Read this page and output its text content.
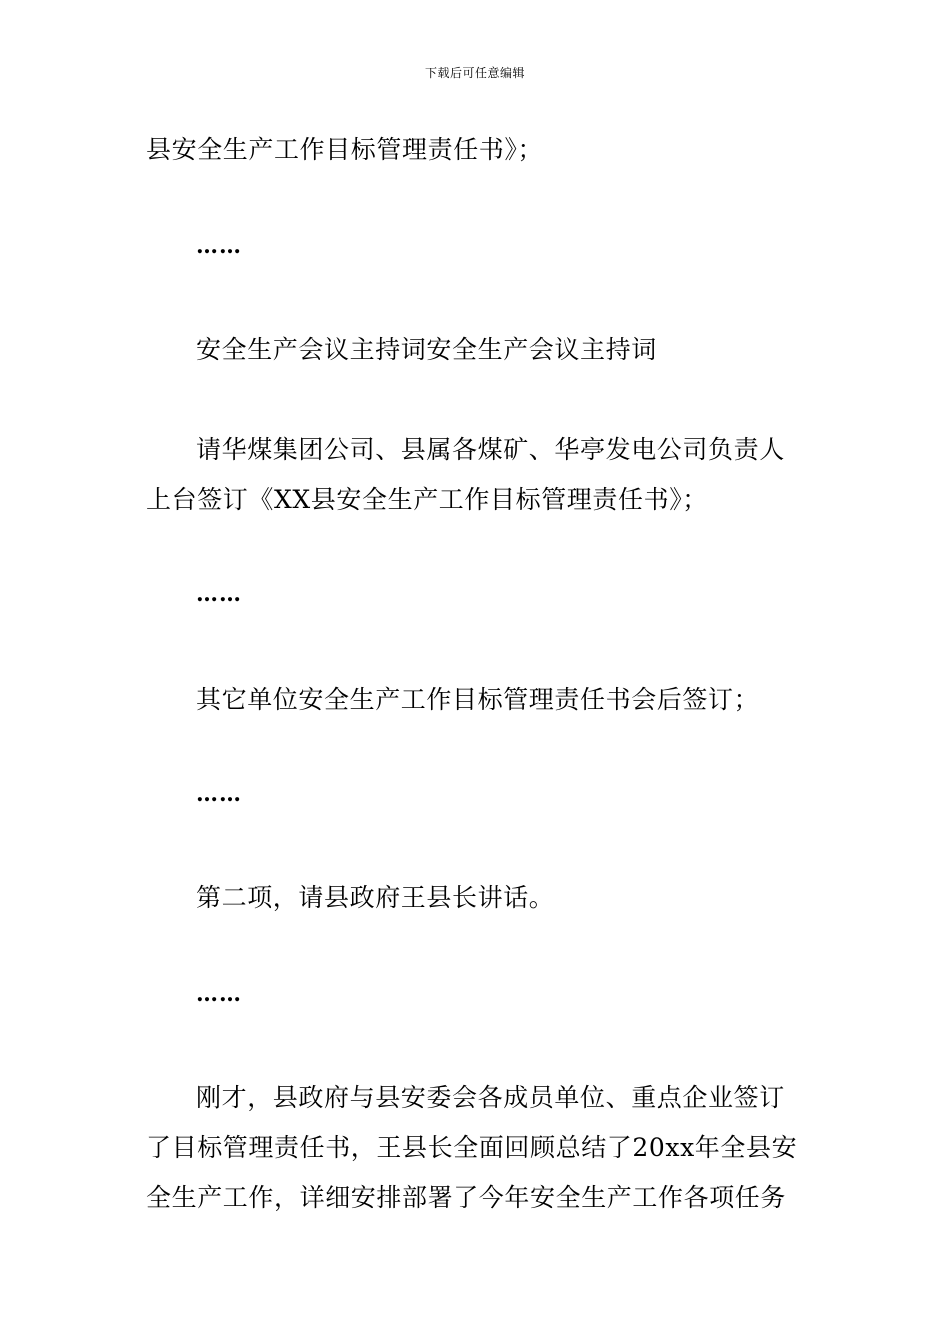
下载后可任意编辑
县安全生产工作目标管理责任书》；
……
安全生产会议主持词安全生产会议主持词
请华煤集团公司、县属各煤矿、华亭发电公司负责人
上台签订《XX县安全生产工作目标管理责任书》；
……
其它单位安全生产工作目标管理责任书会后签订；
……
第二项，请县政府王县长讲话。
……
刚才，县政府与县安委会各成员单位、重点企业签订
了目标管理责任书，王县长全面回顾总结了20xx年全县安
全生产工作，详细安排部署了今年安全生产工作各项任务
